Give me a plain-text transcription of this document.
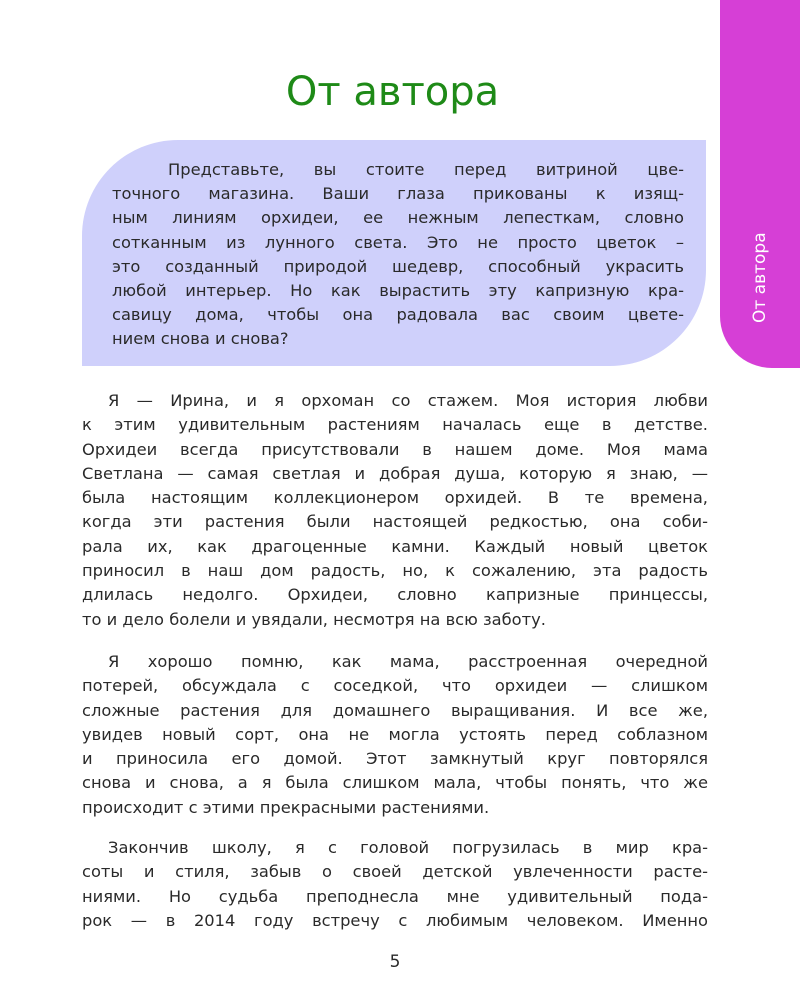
От автора
От автора
Представьте, вы стоите перед витриной цве-
точного магазина. Ваши глаза прикованы к изящ-
ным линиям орхидеи, ее нежным лепесткам, словно
сотканным из лунного света. Это не просто цветок –
это созданный природой шедевр, способный украсить
любой интерьер. Но как вырастить эту капризную кра-
савицу дома, чтобы она радовала вас своим цвете-
нием снова и снова?
Я — Ирина, и я орхоман со стажем. Моя история любви
к этим удивительным растениям началась еще в детстве.
Орхидеи всегда присутствовали в нашем доме. Моя мама
Светлана — самая светлая и добрая душа, которую я знаю, —
была настоящим коллекционером орхидей. В те времена,
когда эти растения были настоящей редкостью, она соби-
рала их, как драгоценные камни. Каждый новый цветок
приносил в наш дом радость, но, к сожалению, эта радость
длилась недолго. Орхидеи, словно капризные принцессы,
то и дело болели и увядали, несмотря на всю заботу.
Я хорошо помню, как мама, расстроенная очередной
потерей, обсуждала с соседкой, что орхидеи — слишком
сложные растения для домашнего выращивания. И все же,
увидев новый сорт, она не могла устоять перед соблазном
и приносила его домой. Этот замкнутый круг повторялся
снова и снова, а я была слишком мала, чтобы понять, что же
происходит с этими прекрасными растениями.
Закончив школу, я с головой погрузилась в мир кра-
соты и стиля, забыв о своей детской увлеченности расте-
ниями. Но судьба преподнесла мне удивительный пода-
рок — в 2014 году встречу с любимым человеком. Именно
5
